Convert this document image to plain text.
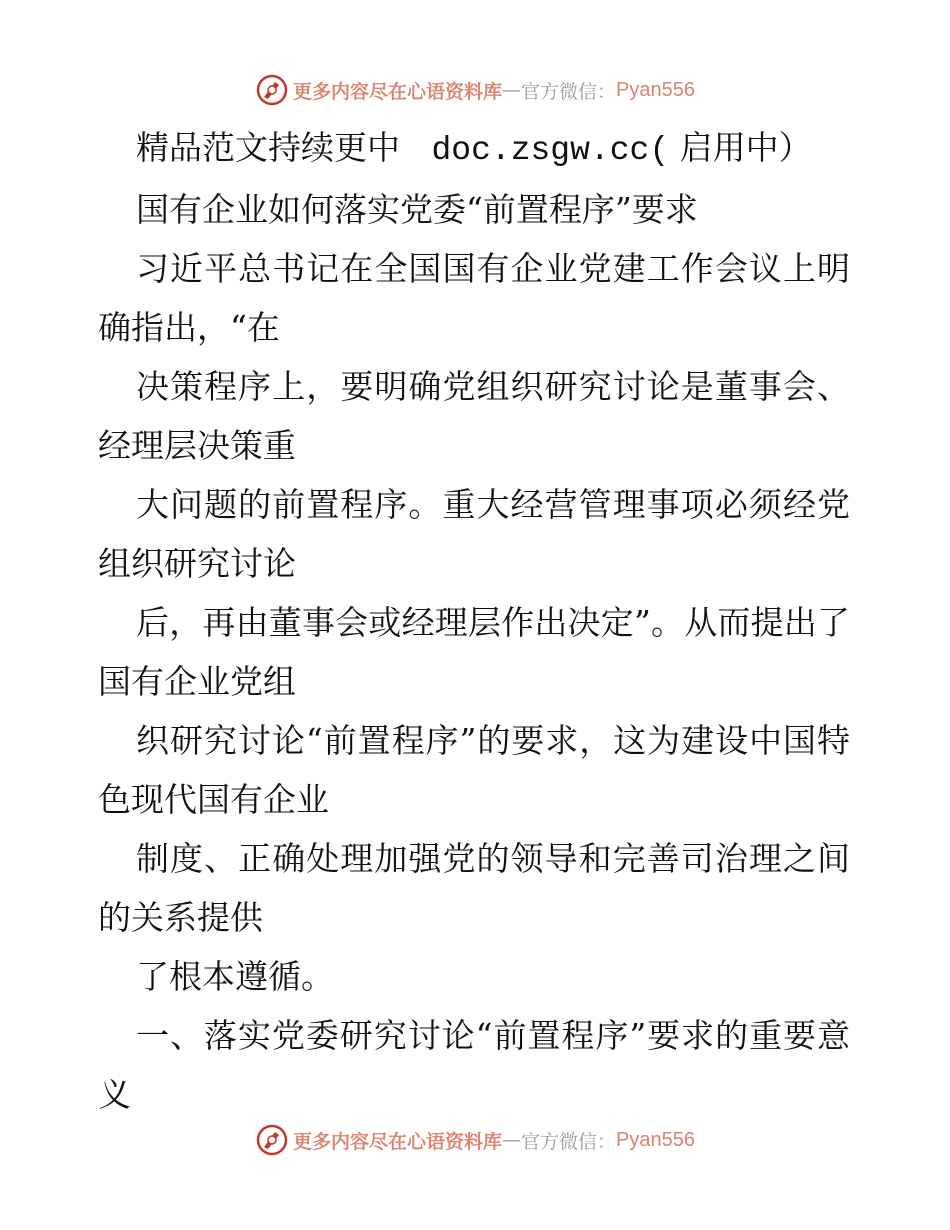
更多内容尽在心语资料库 — 官方微信： Pyan556

精品范文持续更中 doc.zsgw.cc( 启用中）

国有企业如何落实党委“前置程序”要求

习近平总书记在全国国有企业党建工作会议上明确指出，“在

决策程序上，要明确党组织研究讨论是董事会、经理层决策重

大问题的前置程序。重大经营管理事项必须经党组织研究讨论

后，再由董事会或经理层作出决定”。从而提出了国有企业党组

织研究讨论“前置程序”的要求，这为建设中国特色现代国有企业

制度、正确处理加强党的领导和完善司治理之间的关系提供

了根本遵循。

一、落实党委研究讨论“前置程序”要求的重要意义

更多内容尽在心语资料库 — 官方微信： Pyan556
